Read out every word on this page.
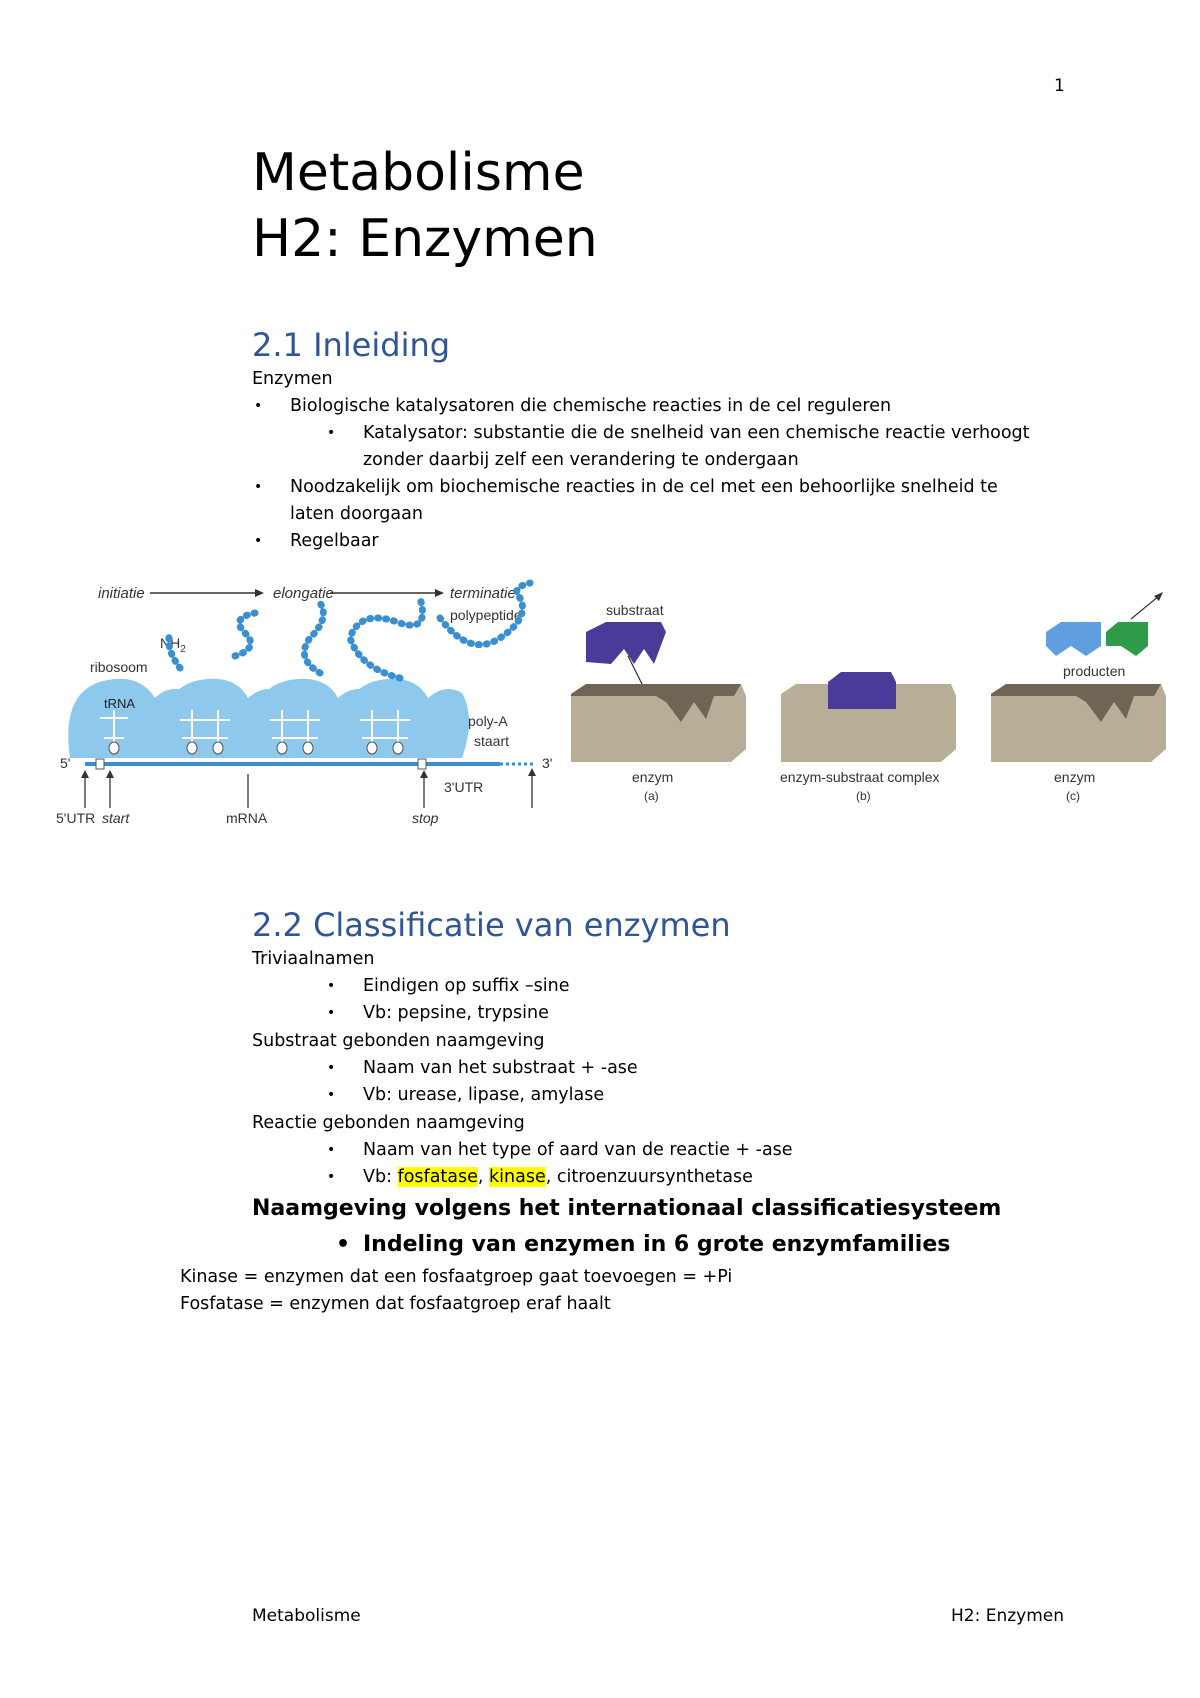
1
Metabolisme
H2: Enzymen
2.1 Inleiding
Enzymen
• Biologische katalysatoren die chemische reacties in de cel reguleren
• Katalysator: substantie die de snelheid van een chemische reactie verhoogt
zonder daarbij zelf een verandering te ondergaan
• Noodzakelijk om biochemische reacties in de cel met een behoorlijke snelheid te
laten doorgaan
• Regelbaar
initiatie	elongatie	terminatie
polypeptide
$NH_2$
ribosoom
tRNA
5'	3'
poly-A
staart
3'UTR
5'UTR start	mRNA	stop
substraat
enzym
(a)
enzym-substraat complex
(b)
producten
enzym
(c)
2.2 Classificatie van enzymen
Triviaalnamen
• Eindigen op suffix –sine
• Vb: pepsine, trypsine
Substraat gebonden naamgeving
• Naam van het substraat + -ase
• Vb: urease, lipase, amylase
Reactie gebonden naamgeving
• Naam van het type of aard van de reactie + -ase
• Vb: fosfatase, kinase, citroenzuursynthetase
Naamgeving volgens het internationaal classificatiesysteem
• Indeling van enzymen in 6 grote enzymfamilies
Kinase = enzymen dat een fosfaatgroep gaat toevoegen = +Pi
Fosfatase = enzymen dat fosfaatgroep eraf haalt
Metabolisme	H2: Enzymen
